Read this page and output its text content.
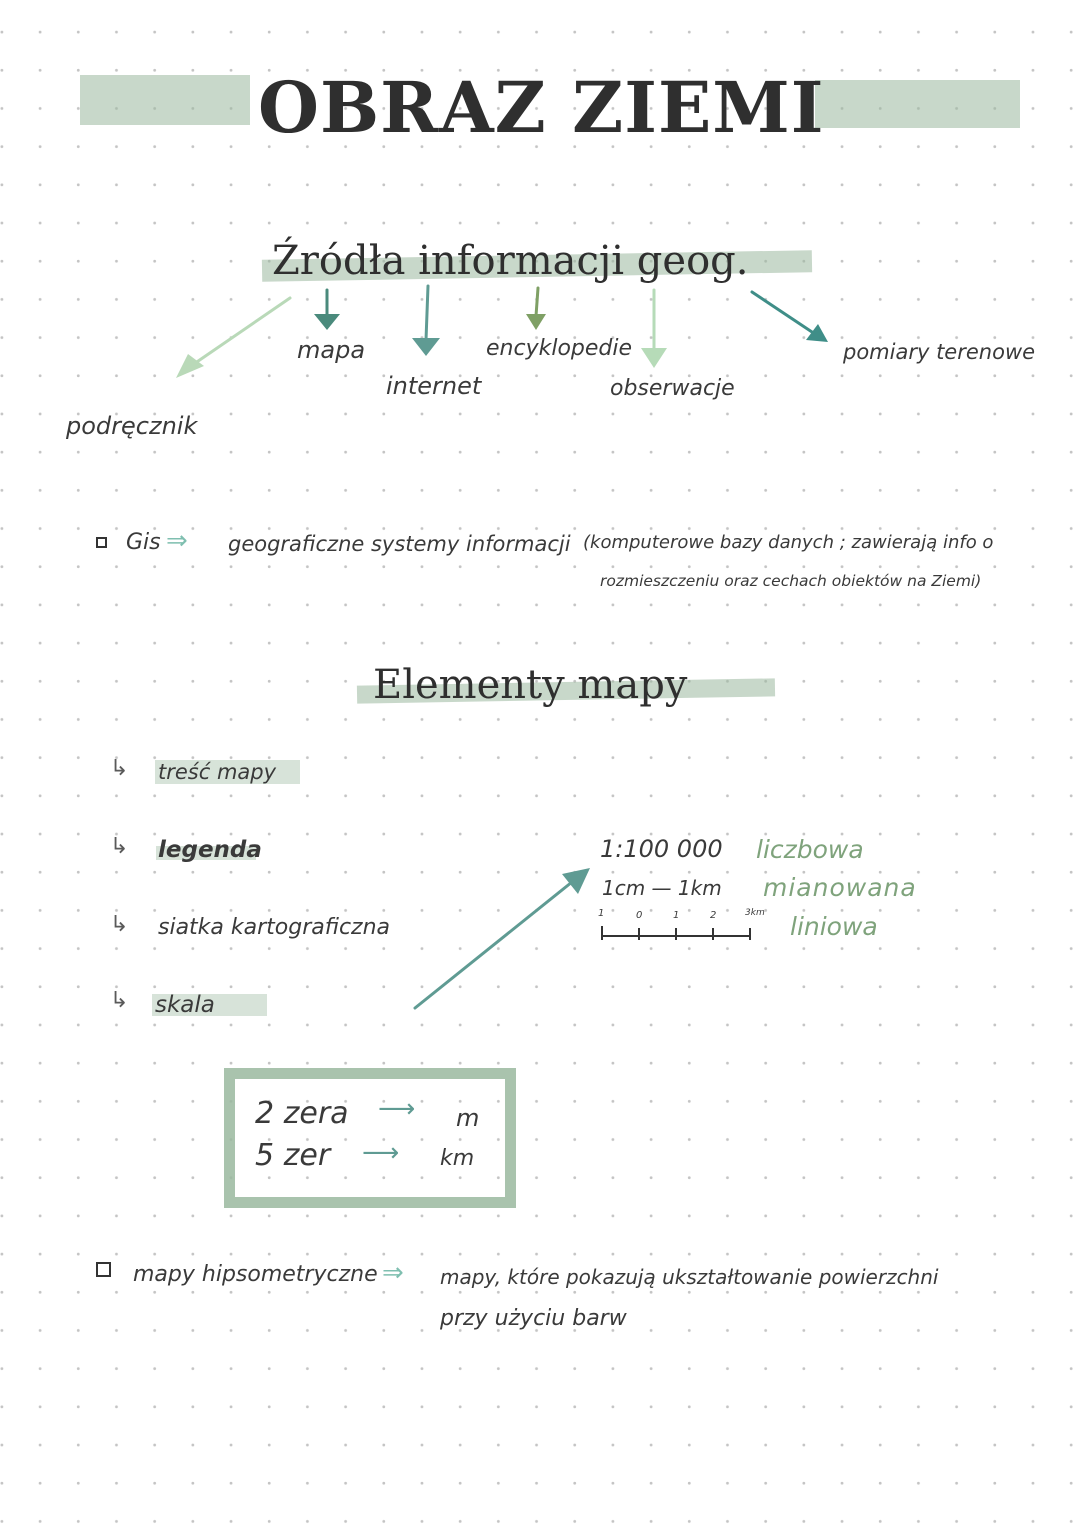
OBRAZ ZIEMI
Źródła informacji geog.
podręcznik
mapa
internet
encyklopedie
obserwacje
pomiary terenowe
Gis ⇒ geograficzne systemy informacji (komputerowe bazy danych ; zawierają info o
rozmieszczeniu oraz cechach obiektów na Ziemi)
Elementy mapy
↳ treść mapy
↳ legenda
↳ siatka kartograficzna
↳ skala
1:100 000 liczbowa
1cm — 1km mianowana
1	0	1	2	3km liniowa
2 zera ⟶ m
5 zer ⟶ km
mapy hipsometryczne ⇒ mapy, które pokazują ukształtowanie powierzchni
przy użyciu barw
